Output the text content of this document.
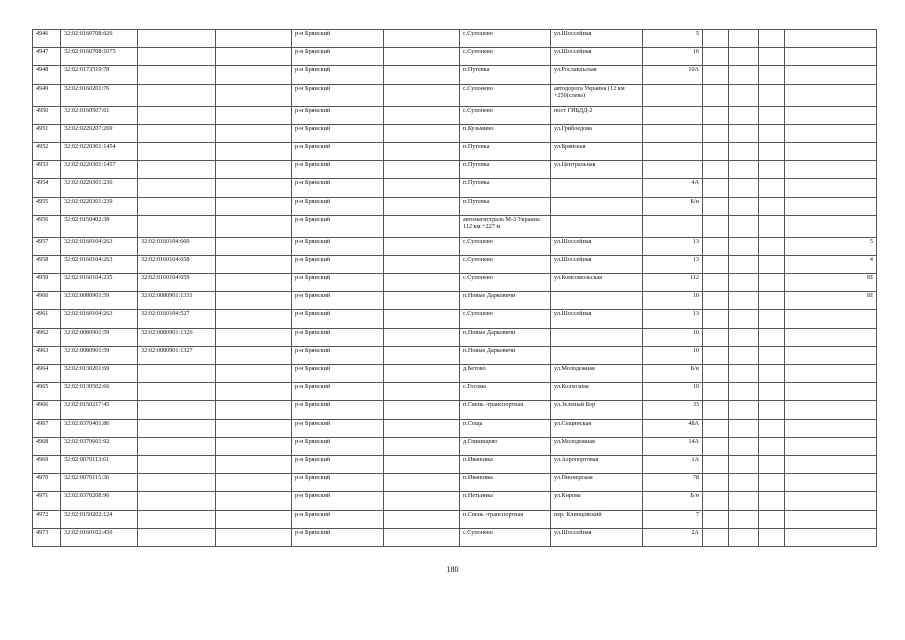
4946	32:02:0160708:626			р-н Брянский		с.Супонево	ул.Шоссейная	5				
4947	32:02:0160708:1075			р-н Брянский		с.Супонево	ул.Шоссейная	16				
4948	32:02:0173519:78			р-н Брянский		п.Путевка	ул.Рославльская	10А				
4949	32:02:0160201:76			р-н Брянский		с.Супонево	автодорога Украина (12 км +250(слева)					
4950	32:02:0160507:61			р-н Брянский		с.Супонево	пост ГИБДД-2					
4951	32:02:0220207:269			р-н Брянский		п.Кузьмино	ул.Грибоедова					
4952	32:02:0220301:1454			р-н Брянский		п.Путевка	ул.Брянская					
4953	32:02:0220301:1457			р-н Брянский		п.Путевка	ул.Центральная					
4954	32:02:0220301:236			р-н Брянский		п.Путевка		4А				
4955	32:02:0220301:239			р-н Брянский		п.Путевка		Б/н				
4956	32:02:0150402:38			р-н Брянский		автомагистраль М-3 Украина 112 км +227 м						
4957	32:02:0160104:263	32:02:0160104:660		р-н Брянский		с.Супонево	ул.Шоссейная	13				5
4958	32:02:0160104:263	32:02:0160104:658		р-н Брянский		с.Супонево	ул.Шоссейная	13				4
4959	32:02:0160104:235	32:02:0160104:659		р-н Брянский		с.Супонево	ул.Комсомольская	112				III
4960	32:02:0080901:59	32:02:0080901:1331		р-н Брянский		п.Новые Дарковичи		10				III
4961	32:02:0160104:263	32:02:0160104:527		р-н Брянский		с.Супонево	ул.Шоссейная	13				
4962	32:02:0080901:59	32:02:0080901:1326		р-н Брянский		п.Новые Дарковичи		10				
4963	32:02:0080901:59	32:02:0080901:1327		р-н Брянский		п.Новые Дарковичи		10				
4964	32:02:0130201:69			р-н Брянский		д.Бетово	ул.Молодежная	Б/н				
4965	32:02:0130502:66			р-н Брянский		с.Госома	ул.Колхозная	10				
4966	32:02:0150217:45			р-н Брянский		п.Свень -транспортная	ул.Зеленый Бор	33				
4967	32:02:0370401:86			р-н Брянский		п.Сеща	ул.Сещинская	48А				
4968	32:02:0370601:92			р-н Брянский		д.Глинищево	ул.Молодежная	14А				
4969	32:02:0070113:61			р-н Брянский		п.Ивановка	ул.Аэропортовая	1А				
4970	32:02:0070115:36			р-н Брянский		п.Ивановка	ул.Пионерская	78				
4971	32:02:0370208:96			р-н Брянский		п.Нетьинка	ул.Кирова	Б/н				
4972	32:02:0150202:124			р-н Брянский		п.Свень -транспортная	пер. Клинцовский	7				
4973	32:02:0160102:450			р-н Брянский		с.Супонево	ул.Шоссейная	2А				
180
